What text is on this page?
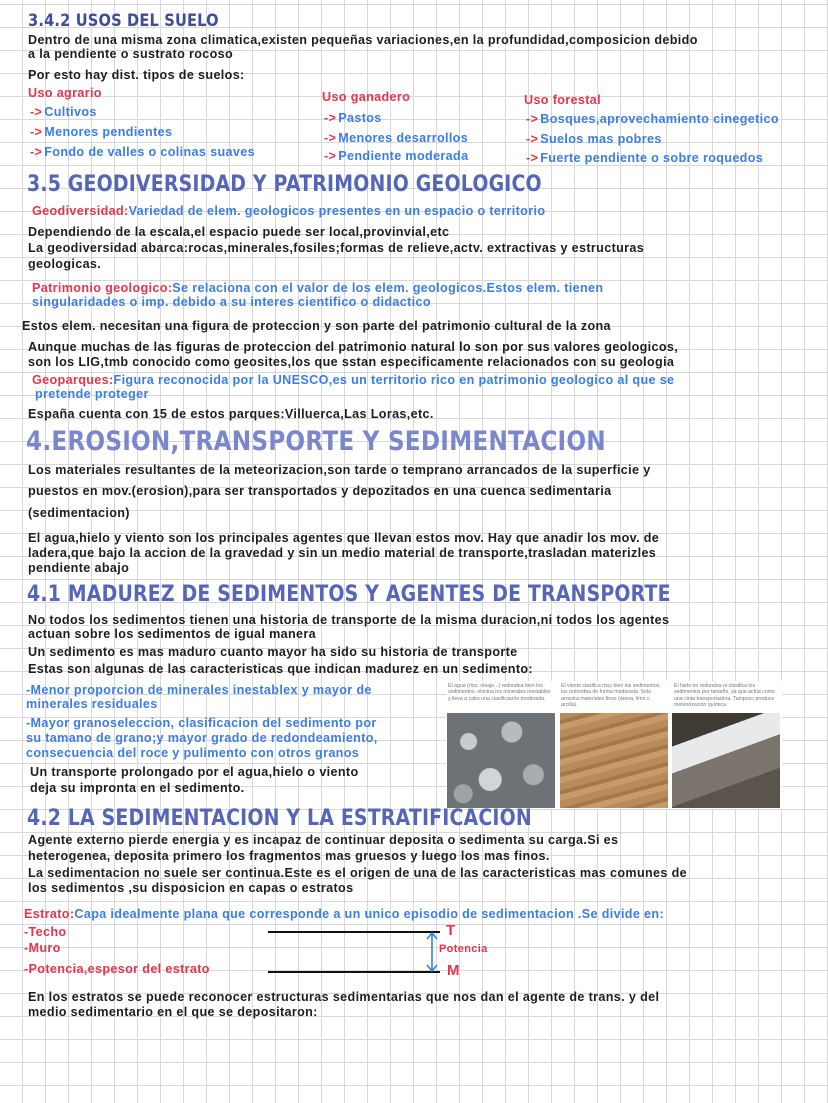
3.4.2 USOS DEL SUELO
Dentro de una misma zona climatica,existen pequeñas variaciones,en la profundidad,composicion debido
a la pendiente o sustrato rocoso
Por esto hay dist. tipos de suelos:
Uso agrario
-> Cultivos
-> Menores pendientes
-> Fondo de valles o colinas suaves
Uso ganadero
-> Pastos
-> Menores desarrollos
-> Pendiente moderada
Uso forestal
-> Bosques,aprovechamiento cinegetico
-> Suelos mas pobres
-> Fuerte pendiente o sobre roquedos
3.5 GEODIVERSIDAD Y PATRIMONIO GEOLOGICO
Geodiversidad:Variedad de elem. geologicos presentes en un espacio o territorio
Dependiendo de la escala,el espacio puede ser local,provinvial,etc
La geodiversidad abarca:rocas,minerales,fosiles;formas de relieve,actv. extractivas y estructuras
geologicas.
Patrimonio geologico:Se relaciona con el valor de los elem. geologicos.Estos elem. tienen
singularidades o imp. debido a su interes cientifico o didactico
Estos elem. necesitan una figura de proteccion y son parte del patrimonio cultural de la zona
Aunque muchas de las figuras de proteccion del patrimonio natural lo son por sus valores geologicos,
son los LIG,tmb conocido como geosites,los que sstan especificamente relacionados con su geologia
Geoparques:Figura reconocida por la UNESCO,es un territorio rico en patrimonio geologico al que se
pretende proteger
España cuenta con 15 de estos parques:Villuerca,Las Loras,etc.
4.EROSION,TRANSPORTE Y SEDIMENTACION
Los materiales resultantes de la meteorizacion,son tarde o temprano arrancados de la superficie y
puestos en mov.(erosion),para ser transportados y depozitados en una cuenca sedimentaria
(sedimentacion)
El agua,hielo y viento son los principales agentes que llevan estos mov. Hay que anadir los mov. de
ladera,que bajo la accion de la gravedad y sin un medio material de transporte,trasladan materizles
pendiente abajo
4.1 MADUREZ DE SEDIMENTOS Y AGENTES DE TRANSPORTE
No todos los sedimentos tienen una historia de transporte de la misma duracion,ni todos los agentes
actuan sobre los sedimentos de igual manera
Un sedimento es mas maduro cuanto mayor ha sido su historia de transporte
Estas son algunas de las caracteristicas que indican madurez en un sedimento:
-Menor proporcion de minerales inestablex y mayor de
minerales residuales
-Mayor granoseleccion, clasificacion del sedimento por
su tamano de grano;y mayor grado de redondeamiento,
consecuencia del roce y pulimento con otros granos
Un transporte prolongado por el agua,hielo o viento
deja su impronta en el sedimento.
El agua (ríos, oleaje...) redondea bien los sedimentos, elimina los minerales inestables y lleva a cabo una clasificación moderada.
El viento clasifica muy bien los sedimentos, los redondea de forma moderada. Solo arrastra materiales finos (arena, limo o arcilla).
El hielo no redondea ni clasifica los sedimentos por tamaño, ya que actúa como una cinta transportadora. Tampoco produce meteorización química.
4.2 LA SEDIMENTACION Y LA ESTRATIFICACION
Agente externo pierde energia y es incapaz de continuar deposita o sedimenta su carga.Si es
heterogenea, deposita primero los fragmentos mas gruesos y luego los mas finos.
La sedimentacion no suele ser continua.Este es el origen de una de las caracteristicas mas comunes de
los sedimentos ,su disposicion en capas o estratos
Estrato:Capa idealmente plana que corresponde a un unico episodio de sedimentacion .Se divide en:
-Techo
-Muro
-Potencia,espesor del estrato
T
Potencia
M
En los estratos se puede reconocer estructuras sedimentarias que nos dan el agente de trans. y del
medio sedimentario en el que se depositaron:
